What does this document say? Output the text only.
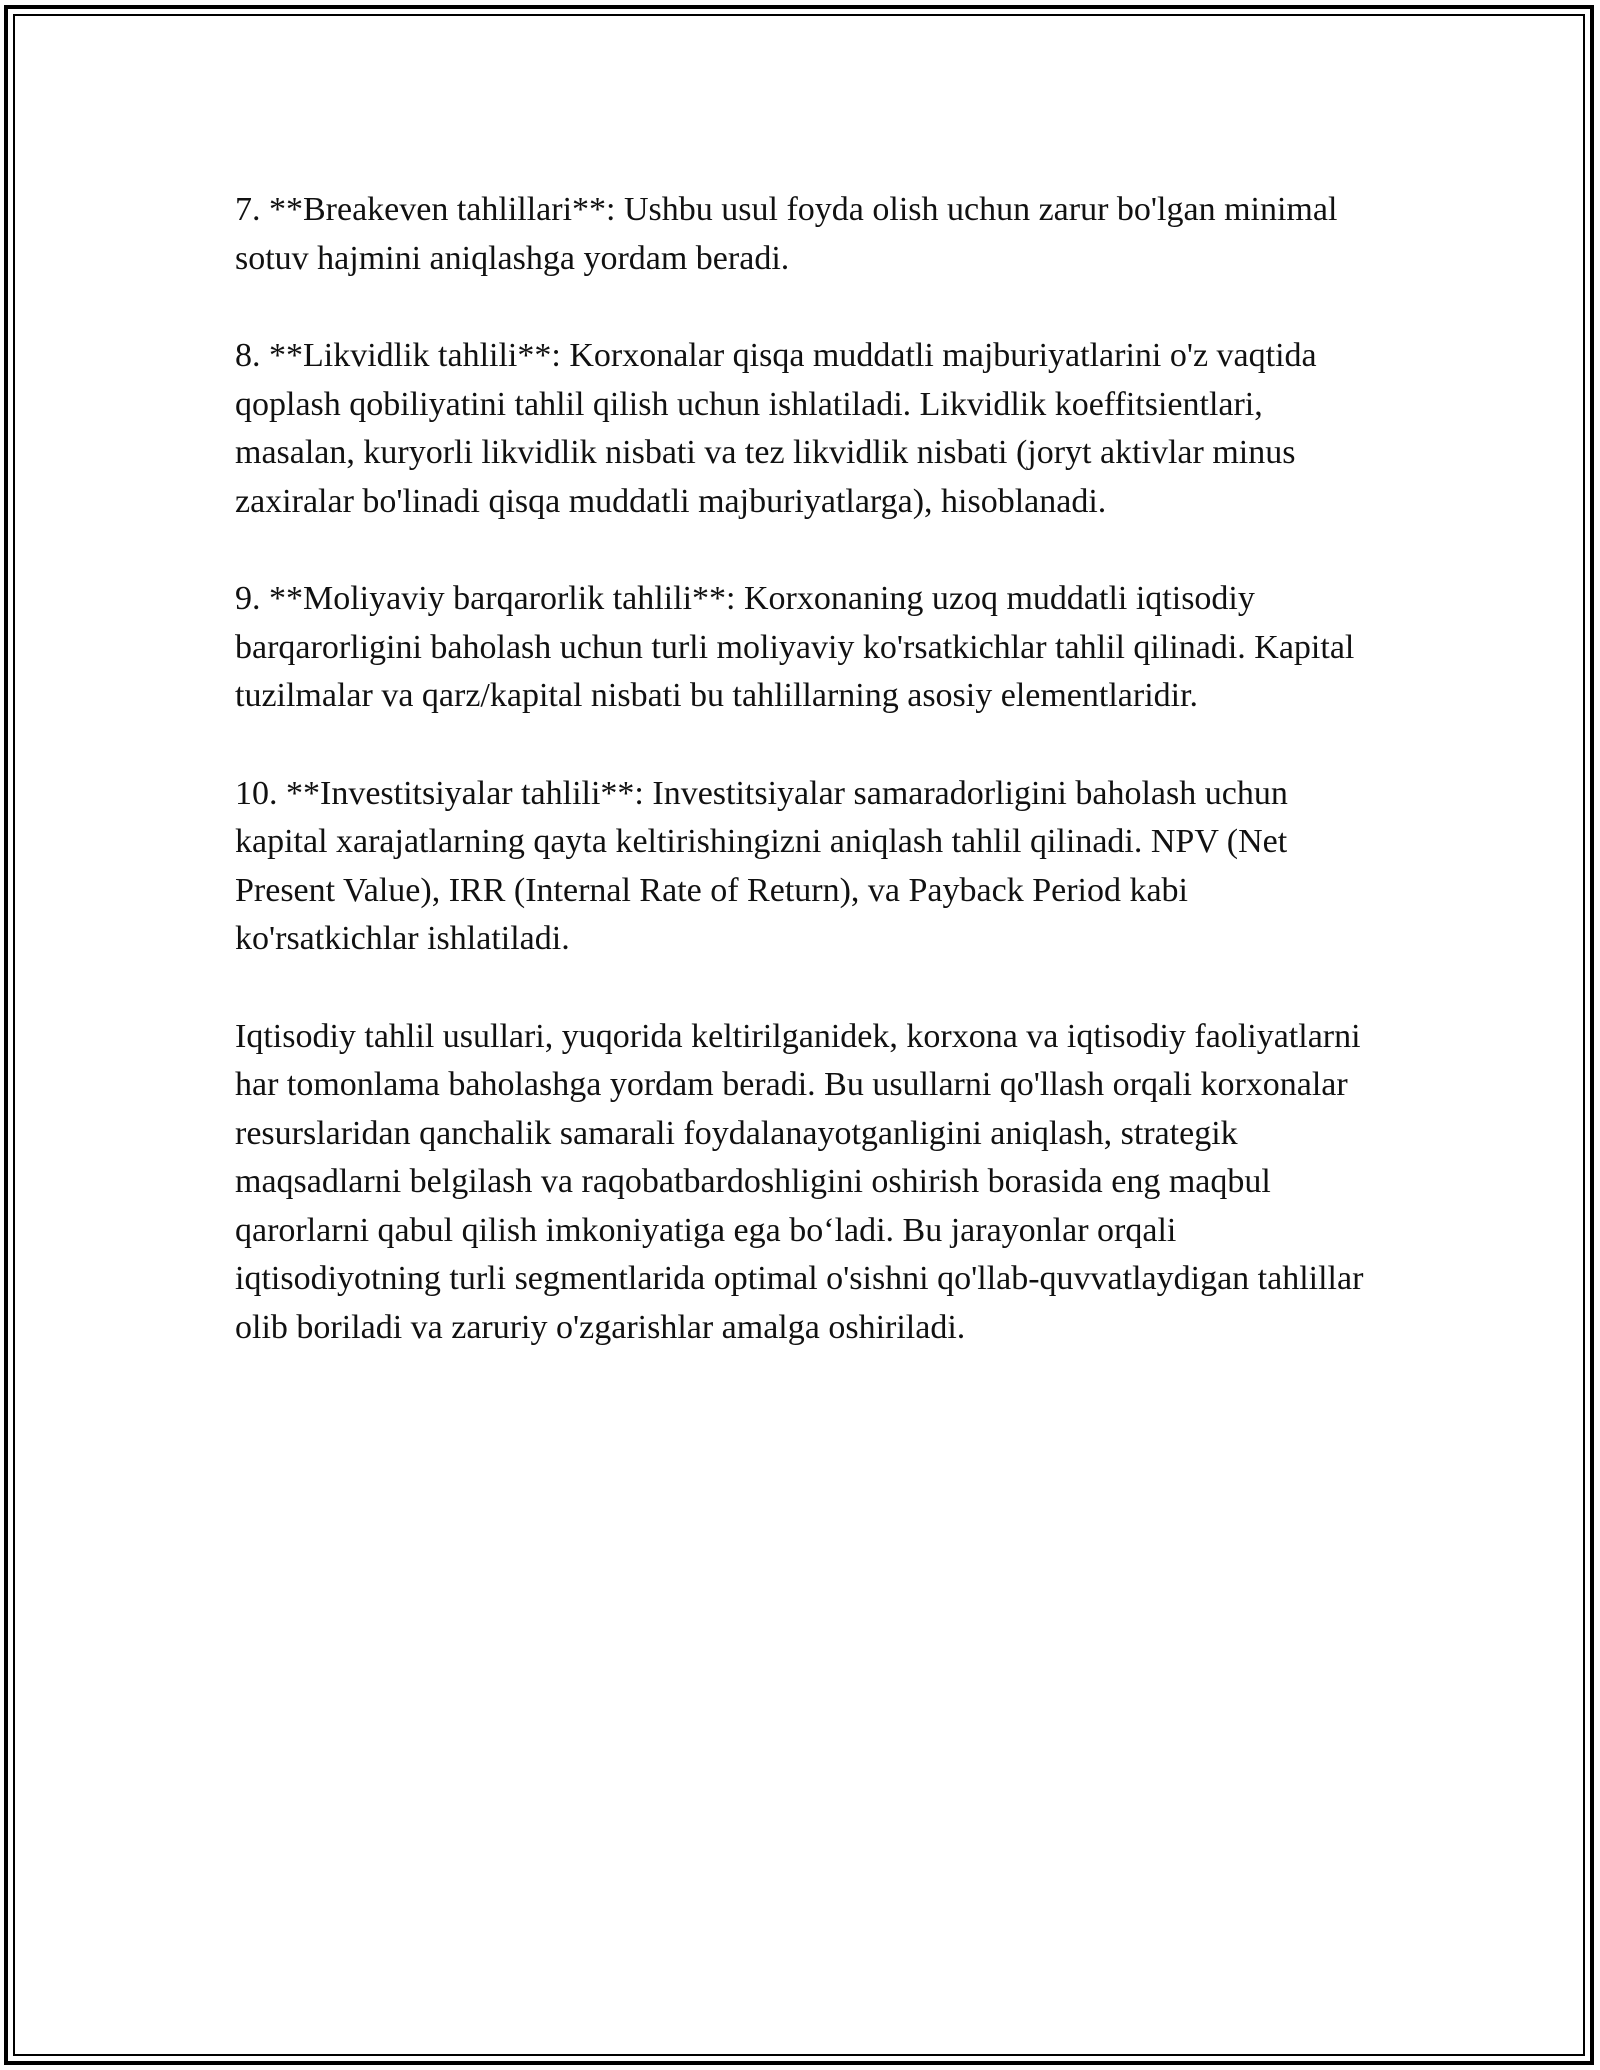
7. **Breakeven tahlillari**: Ushbu usul foyda olish uchun zarur bo'lgan minimal sotuv hajmini aniqlashga yordam beradi.

8. **Likvidlik tahlili**: Korxonalar qisqa muddatli majburiyatlarini o'z vaqtida qoplash qobiliyatini tahlil qilish uchun ishlatiladi. Likvidlik koeffitsientlari, masalan, kuryorli likvidlik nisbati va tez likvidlik nisbati (joryt aktivlar minus zaxiralar bo'linadi qisqa muddatli majburiyatlarga), hisoblanadi.

9. **Moliyaviy barqarorlik tahlili**: Korxonaning uzoq muddatli iqtisodiy barqarorligini baholash uchun turli moliyaviy ko'rsatkichlar tahlil qilinadi. Kapital tuzilmalar va qarz/kapital nisbati bu tahlillarning asosiy elementlaridir.

10. **Investitsiyalar tahlili**: Investitsiyalar samaradorligini baholash uchun kapital xarajatlarning qayta keltirishingizni aniqlash tahlil qilinadi. NPV (Net Present Value), IRR (Internal Rate of Return), va Payback Period kabi ko'rsatkichlar ishlatiladi.

Iqtisodiy tahlil usullari, yuqorida keltirilganidek, korxona va iqtisodiy faoliyatlarni har tomonlama baholashga yordam beradi. Bu usullarni qo'llash orqali korxonalar resurslaridan qanchalik samarali foydalanayotganligini aniqlash, strategik maqsadlarni belgilash va raqobatbardoshligini oshirish borasida eng maqbul qarorlarni qabul qilish imkoniyatiga ega bo‘ladi. Bu jarayonlar orqali iqtisodiyotning turli segmentlarida optimal o'sishni qo'llab-quvvatlaydigan tahlillar olib boriladi va zaruriy o'zgarishlar amalga oshiriladi.
